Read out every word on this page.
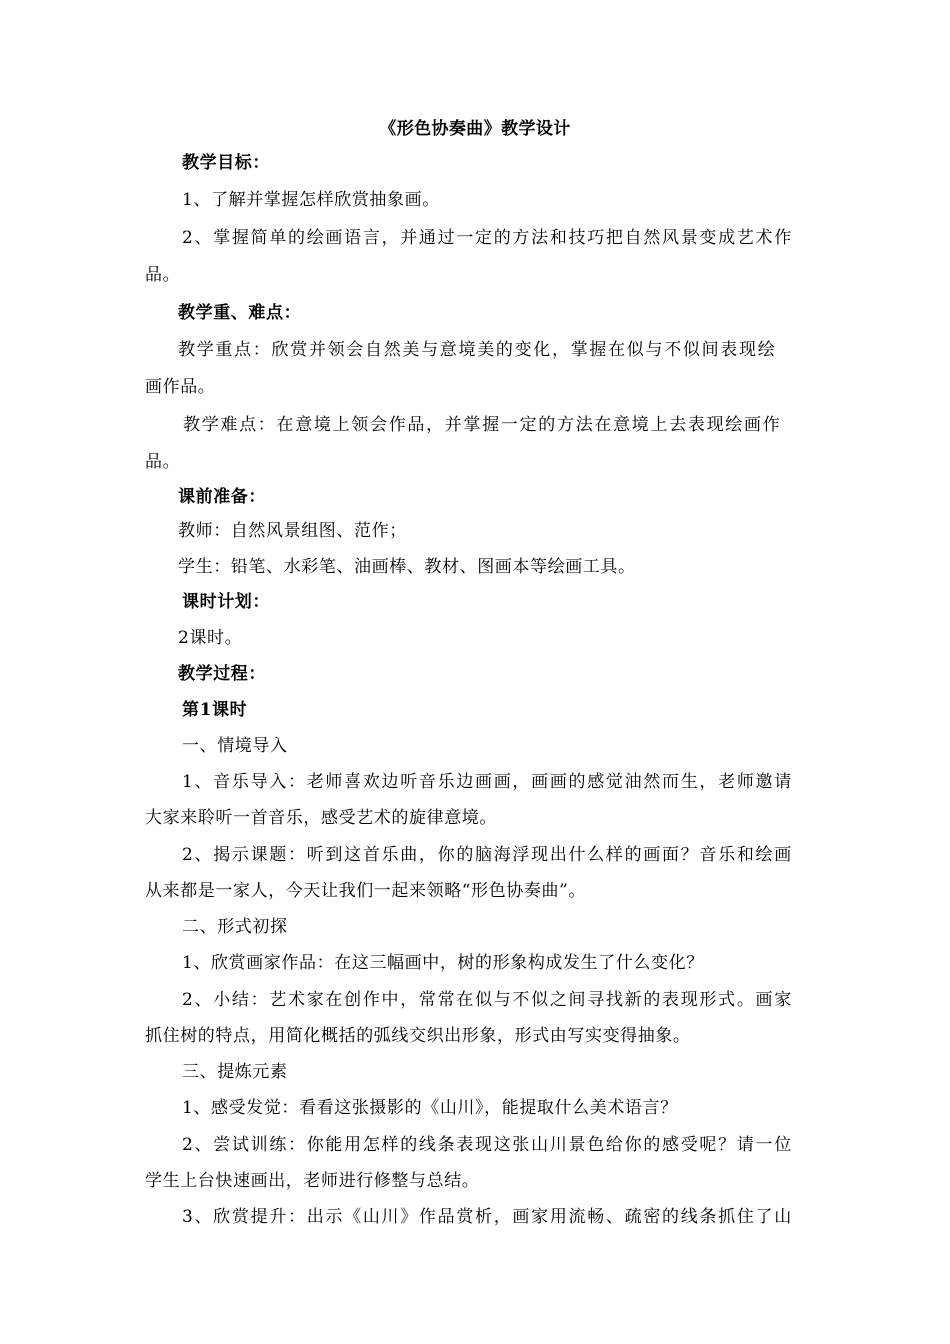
《形色协奏曲》教学设计
教学目标：
1、了解并掌握怎样欣赏抽象画。
2、掌握简单的绘画语言，并通过一定的方法和技巧把自然风景变成艺术作
品。
教学重、难点：
教学重点：欣赏并领会自然美与意境美的变化，掌握在似与不似间表现绘
画作品。
教学难点：在意境上领会作品，并掌握一定的方法在意境上去表现绘画作
品。
课前准备：
教师：自然风景组图、范作；
学生：铅笔、水彩笔、油画棒、教材、图画本等绘画工具。
课时计划：
2课时。
教学过程：
第1课时
一、情境导入
1、音乐导入：老师喜欢边听音乐边画画，画画的感觉油然而生，老师邀请
大家来聆听一首音乐，感受艺术的旋律意境。
2、揭示课题：听到这首乐曲，你的脑海浮现出什么样的画面？音乐和绘画
从来都是一家人，今天让我们一起来领略“形色协奏曲”。
二、形式初探
1、欣赏画家作品：在这三幅画中，树的形象构成发生了什么变化？
2、小结：艺术家在创作中，常常在似与不似之间寻找新的表现形式。画家
抓住树的特点，用简化概括的弧线交织出形象，形式由写实变得抽象。
三、提炼元素
1、感受发觉：看看这张摄影的《山川》，能提取什么美术语言？
2、尝试训练：你能用怎样的线条表现这张山川景色给你的感受呢？请一位
学生上台快速画出，老师进行修整与总结。
3、欣赏提升：出示《山川》作品赏析，画家用流畅、疏密的线条抓住了山
